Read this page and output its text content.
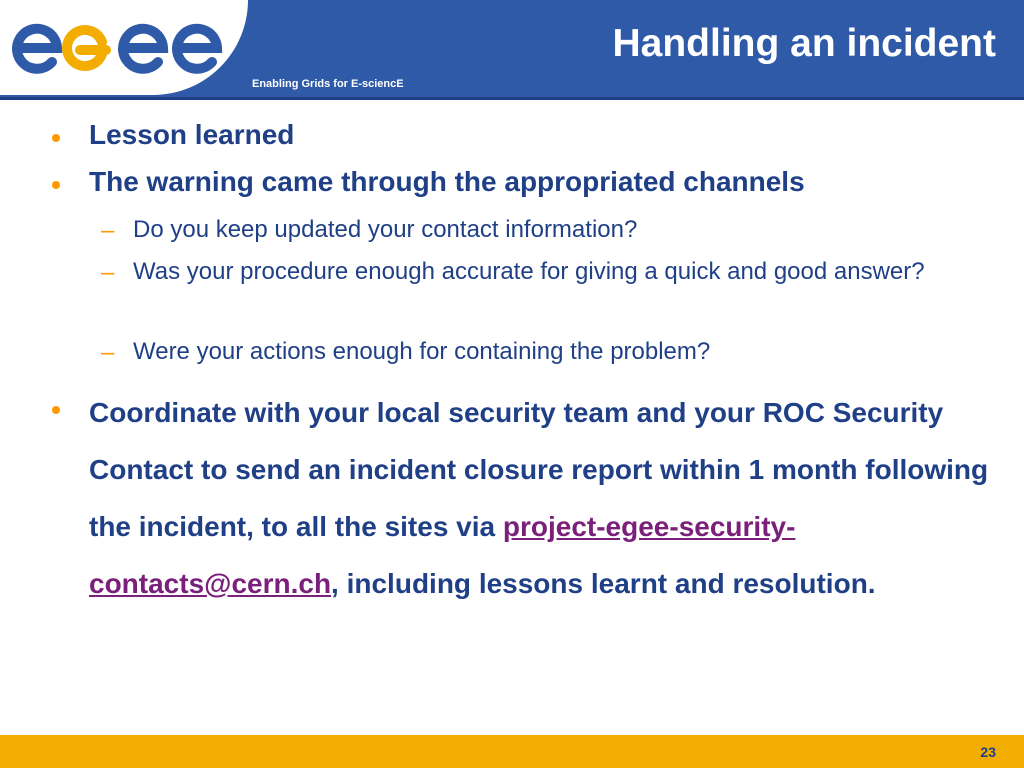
Enabling Grids for E-sciencE
Handling an incident
Lesson learned
The warning came through the appropriated channels
– Do you keep updated your contact information?
– Was your procedure enough accurate for giving a quick and good answer?
– Were your actions enough for containing the problem?
Coordinate with your local security team and your ROC Security Contact to send an incident closure report within 1 month following the incident, to all the sites via project-egee-security-contacts@cern.ch, including lessons learnt and resolution.
23
